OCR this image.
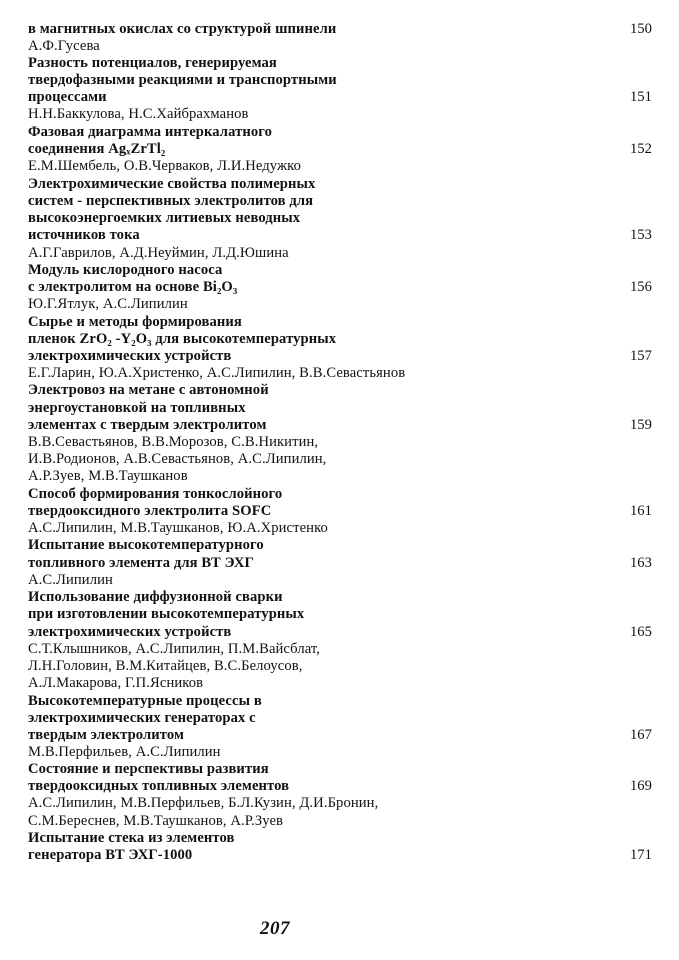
в магнитных окислах со структурой шпинели
А.Ф.Гусева
Разность потенциалов, генерируемая
твердофазными реакциями и транспортными
процессами
Н.Н.Баккулова, Н.С.Хайбрахманов
Фазовая диаграмма интеркалатного
соединения AgₓZrTl₂
Е.М.Шембель, О.В.Черваков, Л.И.Недужко
Электрохимические свойства полимерных
систем - перспективных электролитов для
высокоэнергоемких литиевых неводных
источников тока
А.Г.Гаврилов, А.Д.Неуймин, Л.Д.Юшина
Модуль кислородного насоса
с электролитом на основе Bi₂O₃
Ю.Г.Ятлук, А.С.Липилин
Сырье и методы формирования
пленок ZrO₂ -Y₂O₃ для высокотемпературных
электрохимических устройств
Е.Г.Ларин, Ю.А.Христенко, А.С.Липилин, В.В.Севастьянов
Электровоз на метане с автономной
энергоустановкой на топливных
элементах с твердым электролитом
В.В.Севастьянов, В.В.Морозов, С.В.Никитин,
И.В.Родионов, А.В.Севастьянов, А.С.Липилин,
А.Р.Зуев, М.В.Таушканов
Способ формирования тонкослойного
твердооксидного электролита SOFC
А.С.Липилин, М.В.Таушканов, Ю.А.Христенко
Испытание высокотемпературного
топливного элемента для ВТ ЭХГ
А.С.Липилин
Использование диффузионной сварки
при изготовлении высокотемпературных
электрохимических устройств
С.Т.Клышников, А.С.Липилин, П.М.Вайсблат,
Л.Н.Головин, В.М.Китайцев, В.С.Белоусов,
А.Л.Макарова, Г.П.Ясников
Высокотемпературные процессы в
электрохимических генераторах с
твердым электролитом
М.В.Перфильев, А.С.Липилин
Состояние и перспективы развития
твердооксидных топливных элементов
А.С.Липилин, М.В.Перфильев, Б.Л.Кузин, Д.И.Бронин,
С.М.Береснев, М.В.Таушканов, А.Р.Зуев
Испытание стека из элементов
генератора ВТ ЭХГ-1000
150
151
152
153
156
157
159
161
163
165
167
169
171
207
